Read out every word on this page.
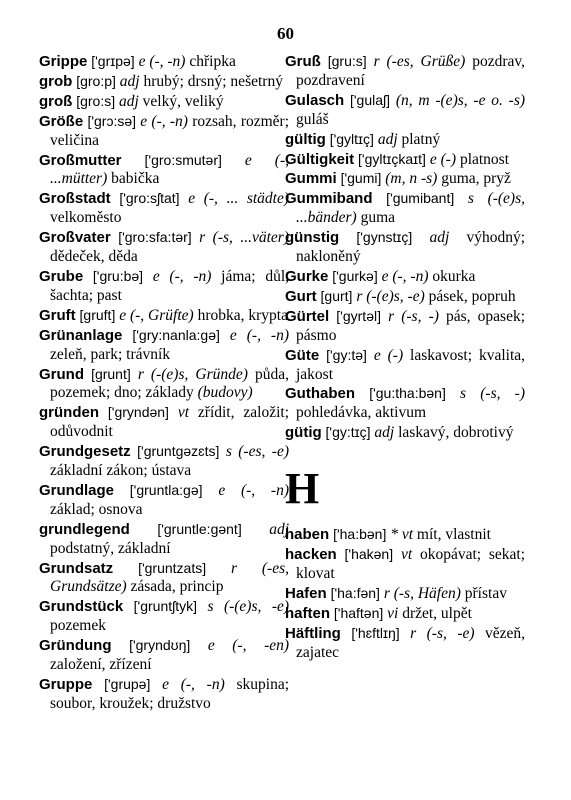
60

Grippe ['grɪpə] e (-, -n) chřipka

grob [gro:p] adj hrubý; drsný; nešetrný

groß [gro:s] adj velký, veliký

Größe ['grɔ:sə] e (-, -n) rozsah, rozměr; veličina

Großmutter ['gro:smutər] e (-, ...mütter) babička

Großstadt ['gro:sʃtat] e (-, ... städte) velkoměsto

Großvater ['gro:sfa:tər] r (-s, ...väter) dědeček, děda

Grube ['gru:bə] e (-, -n) jáma; důl, šachta; past

Gruft [gruft] e (-, Grüfte) hrobka, krypta

Grünanlage ['gry:nanla:gə] e (-, -n) zeleň, park; trávník

Grund [grunt] r (-(e)s, Gründe) půda, pozemek; dno; základy (budovy)

gründen ['gryndən] vt zřídit, založit; odůvodnit

Grundgesetz ['gruntgəzɛts] s (-es, -e) základní zákon; ústava

Grundlage ['gruntla:gə] e (-, -n) základ; osnova

grundlegend ['gruntle:gənt] adj podstatný, základní

Grundsatz ['gruntzats] r (-es, Grundsätze) zásada, princip

Grundstück ['gruntʃtyk] s (-(e)s, -e) pozemek

Gründung ['gryndʊŋ] e (-, -en) založení, zřízení

Gruppe ['grupə] e (-, -n) skupina; soubor, kroužek; družstvo

Gruß [gru:s] r (-es, Grüße) pozdrav, pozdravení

Gulasch ['gulaʃ] (n, m -(e)s, -e o. -s) guláš

gültig ['gyltɪç] adj platný

Gültigkeit ['gyltɪçkaɪt] e (-) platnost

Gummi ['gumi] (m, n -s) guma, pryž

Gummiband ['gumibant] s (-(e)s, ...bänder) guma

günstig ['gynstɪç] adj výhodný; nakloněný

Gurke ['gurkə] e (-, -n) okurka

Gurt [gurt] r (-(e)s, -e) pásek, popruh

Gürtel ['gyrtəl] r (-s, -) pás, opasek; pásmo

Güte ['gy:tə] e (-) laskavost; kvalita, jakost

Guthaben ['gu:tha:bən] s (-s, -) pohledávka, aktivum

gütig ['gy:tɪç] adj laskavý, dobrotivý

H

haben ['ha:bən] * vt mít, vlastnit

hacken ['hakən] vt okopávat; sekat; klovat

Hafen ['ha:fən] r (-s, Häfen) přístav

haften ['haftən] vi držet, ulpět

Häftling ['hɛftlɪŋ] r (-s, -e) vězeň, zajatec
